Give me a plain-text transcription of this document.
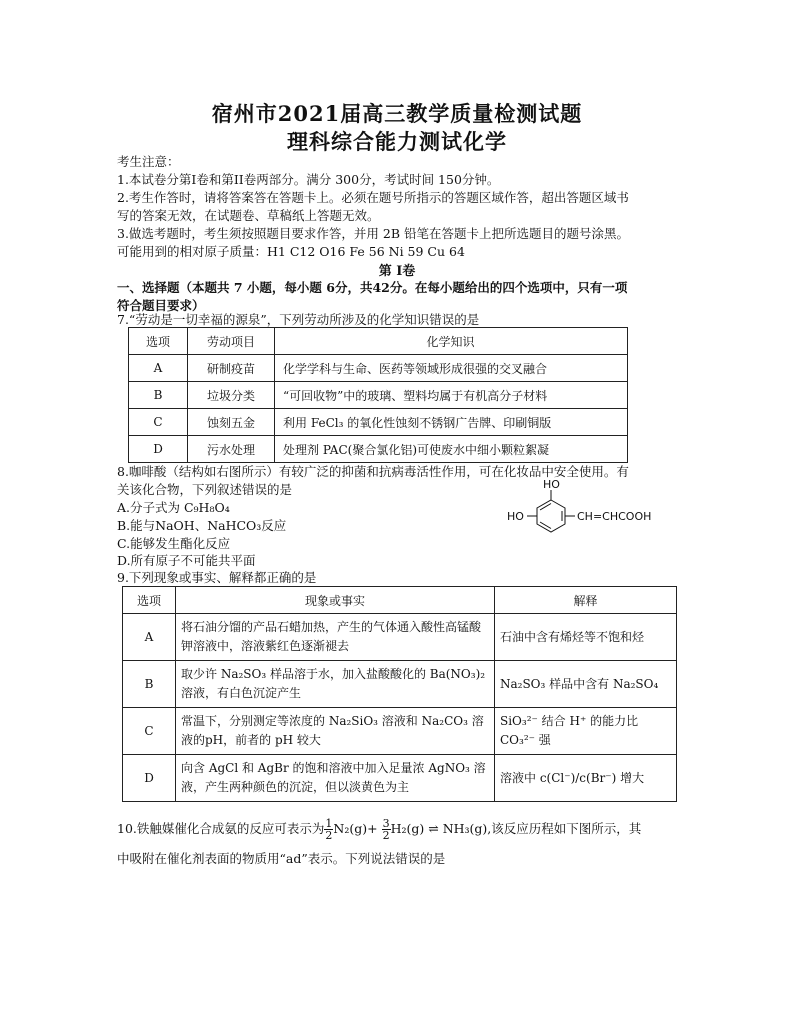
宿州市2021届高三教学质量检测试题
理科综合能力测试化学
考生注意：
1.本试卷分第I卷和第II卷两部分。满分 300分，考试时间 150分钟。
2.考生作答时，请将答案答在答题卡上。必须在题号所指示的答题区域作答，超出答题区域书
写的答案无效，在试题卷、草稿纸上答题无效。
3.做选考题时，考生须按照题目要求作答，并用 2B 铅笔在答题卡上把所选题目的题号涂黑。
可能用到的相对原子质量：H1 C12 O16 Fe 56 Ni 59 Cu 64
第 I卷
一、选择题（本题共 7 小题，每小题 6分，共42分。在每小题给出的四个选项中，只有一项
符合题目要求）
7.“劳动是一切幸福的源泉”，下列劳动所涉及的化学知识错误的是
选项	劳动项目	化学知识
A	研制疫苗	化学学科与生命、医药等领域形成很强的交叉融合
B	垃圾分类	“可回收物”中的玻璃、塑料均属于有机高分子材料
C	蚀刻五金	利用 FeCl₃ 的氧化性蚀刻不锈钢广告牌、印刷铜版
D	污水处理	处理剂 PAC(聚合氯化铝)可使废水中细小颗粒絮凝
8.咖啡酸（结构如右图所示）有较广泛的抑菌和抗病毒活性作用，可在化妆品中安全使用。有
关该化合物，下列叙述错误的是
A.分子式为 C₉H₈O₄
B.能与NaOH、NaHCO₃反应
C.能够发生酯化反应
D.所有原子不可能共平面
HO
HO	CH=CHCOOH
9.下列现象或事实、解释都正确的是
选项	现象或事实	解释
A	将石油分馏的产品石蜡加热，产生的气体通入酸性高锰酸钾溶液中，溶液紫红色逐渐褪去	石油中含有烯烃等不饱和烃
B	取少许 Na₂SO₃ 样品溶于水，加入盐酸酸化的 Ba(NO₃)₂ 溶液，有白色沉淀产生	Na₂SO₃ 样品中含有 Na₂SO₄
C	常温下，分别测定等浓度的 Na₂SiO₃ 溶液和 Na₂CO₃ 溶液的pH，前者的 pH 较大	SiO₃²⁻ 结合 H⁺ 的能力比 CO₃²⁻ 强
D	向含 AgCl 和 AgBr 的饱和溶液中加入足量浓 AgNO₃ 溶液，产生两种颜色的沉淀，但以淡黄色为主	溶液中 c(Cl⁻)/c(Br⁻) 增大
10.铁触媒催化合成氨的反应可表示为 $\frac{1}{2} N_2(g)+ \frac{3}{2} H_2(g)$ ⇌ NH₃(g),该反应历程如下图所示，其
中吸附在催化剂表面的物质用“ad”表示。下列说法错误的是
